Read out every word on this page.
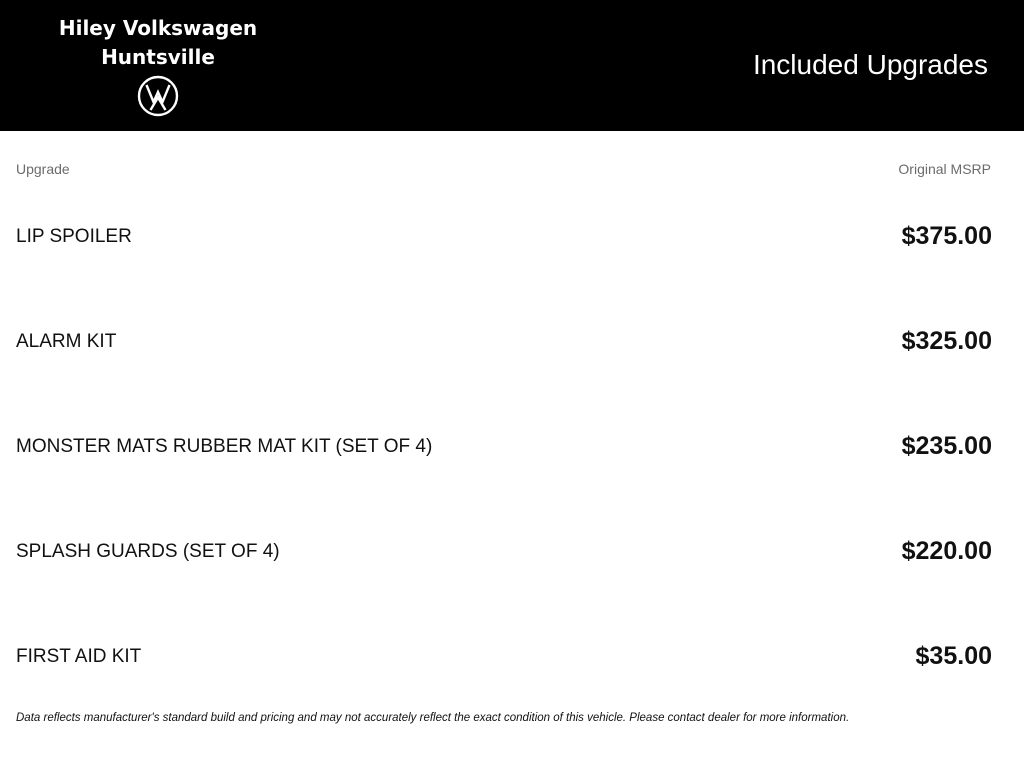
Hiley Volkswagen
Huntsville	Included Upgrades
Upgrade	Original MSRP
LIP SPOILER	$375.00
ALARM KIT	$325.00
MONSTER MATS RUBBER MAT KIT (SET OF 4)	$235.00
SPLASH GUARDS (SET OF 4)	$220.00
FIRST AID KIT	$35.00
Data reflects manufacturer's standard build and pricing and may not accurately reflect the exact condition of this vehicle. Please contact dealer for more information.
